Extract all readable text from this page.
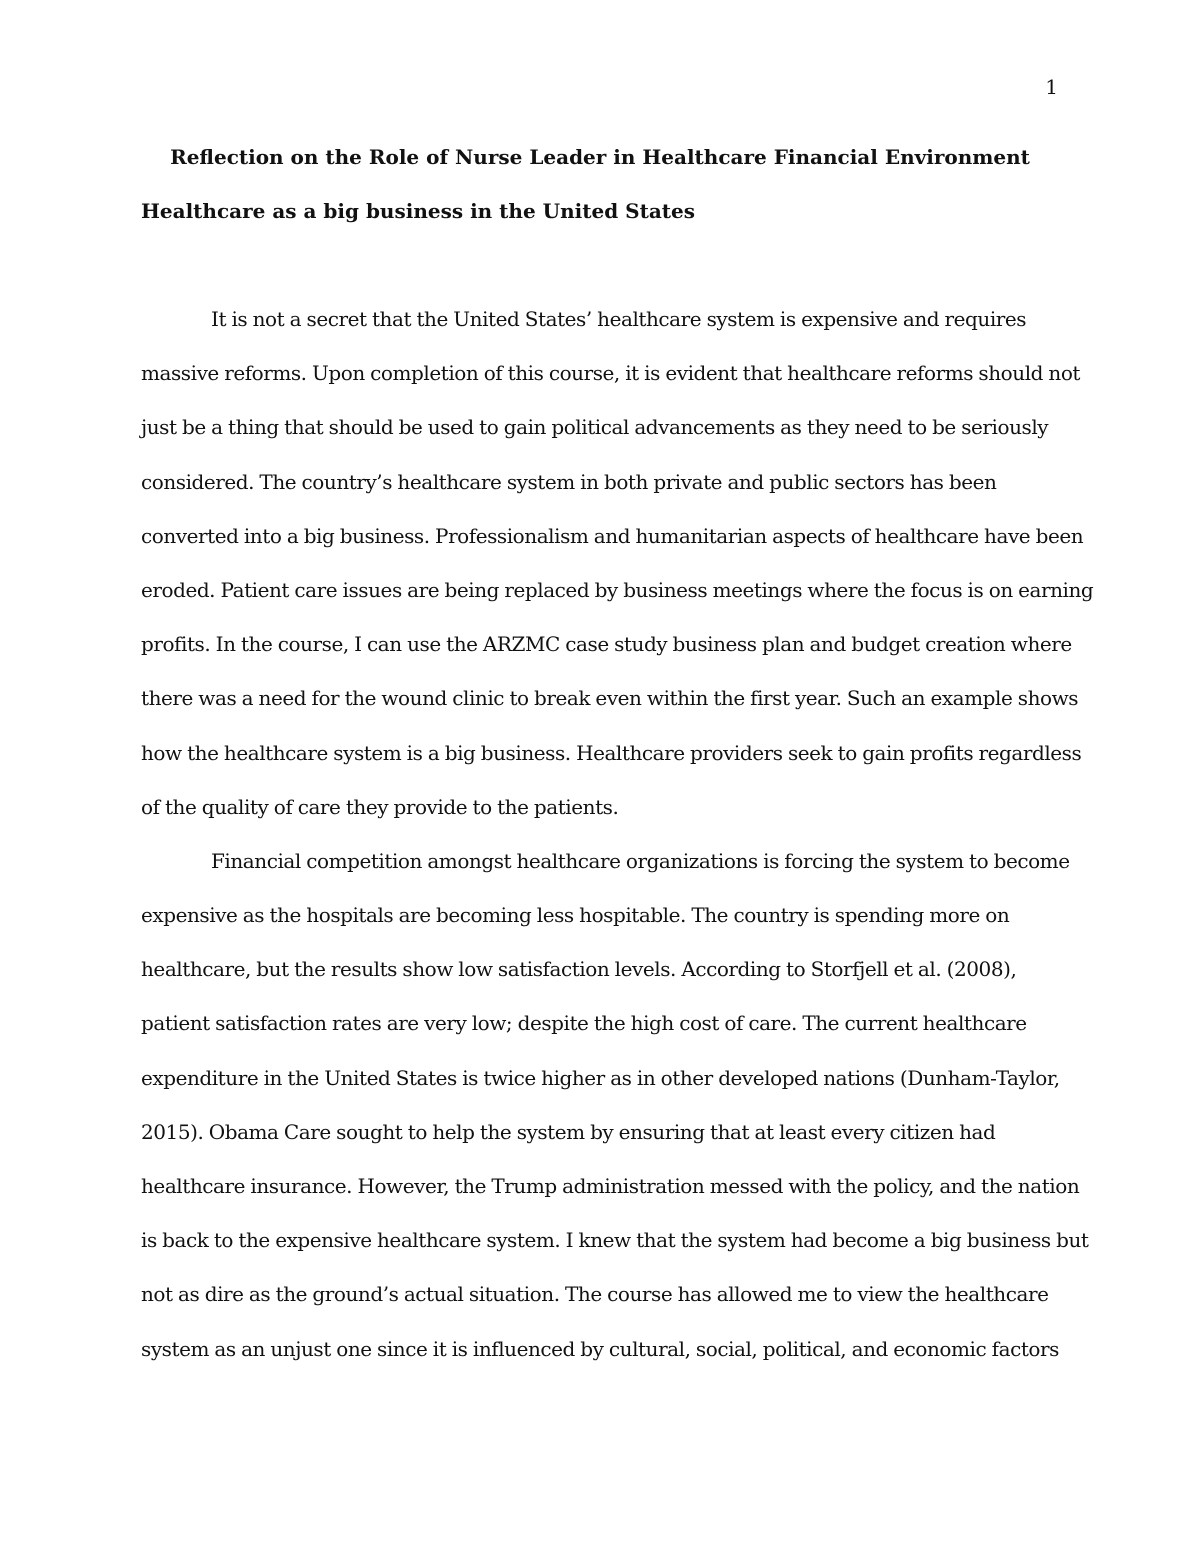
1
Reflection on the Role of Nurse Leader in Healthcare Financial Environment
Healthcare as a big business in the United States
It is not a secret that the United States’ healthcare system is expensive and requires
massive reforms. Upon completion of this course, it is evident that healthcare reforms should not
just be a thing that should be used to gain political advancements as they need to be seriously
considered. The country’s healthcare system in both private and public sectors has been
converted into a big business. Professionalism and humanitarian aspects of healthcare have been
eroded. Patient care issues are being replaced by business meetings where the focus is on earning
profits. In the course, I can use the ARZMC case study business plan and budget creation where
there was a need for the wound clinic to break even within the first year. Such an example shows
how the healthcare system is a big business. Healthcare providers seek to gain profits regardless
of the quality of care they provide to the patients.
Financial competition amongst healthcare organizations is forcing the system to become
expensive as the hospitals are becoming less hospitable. The country is spending more on
healthcare, but the results show low satisfaction levels. According to Storfjell et al. (2008),
patient satisfaction rates are very low; despite the high cost of care. The current healthcare
expenditure in the United States is twice higher as in other developed nations (Dunham-Taylor,
2015). Obama Care sought to help the system by ensuring that at least every citizen had
healthcare insurance. However, the Trump administration messed with the policy, and the nation
is back to the expensive healthcare system. I knew that the system had become a big business but
not as dire as the ground’s actual situation. The course has allowed me to view the healthcare
system as an unjust one since it is influenced by cultural, social, political, and economic factors
